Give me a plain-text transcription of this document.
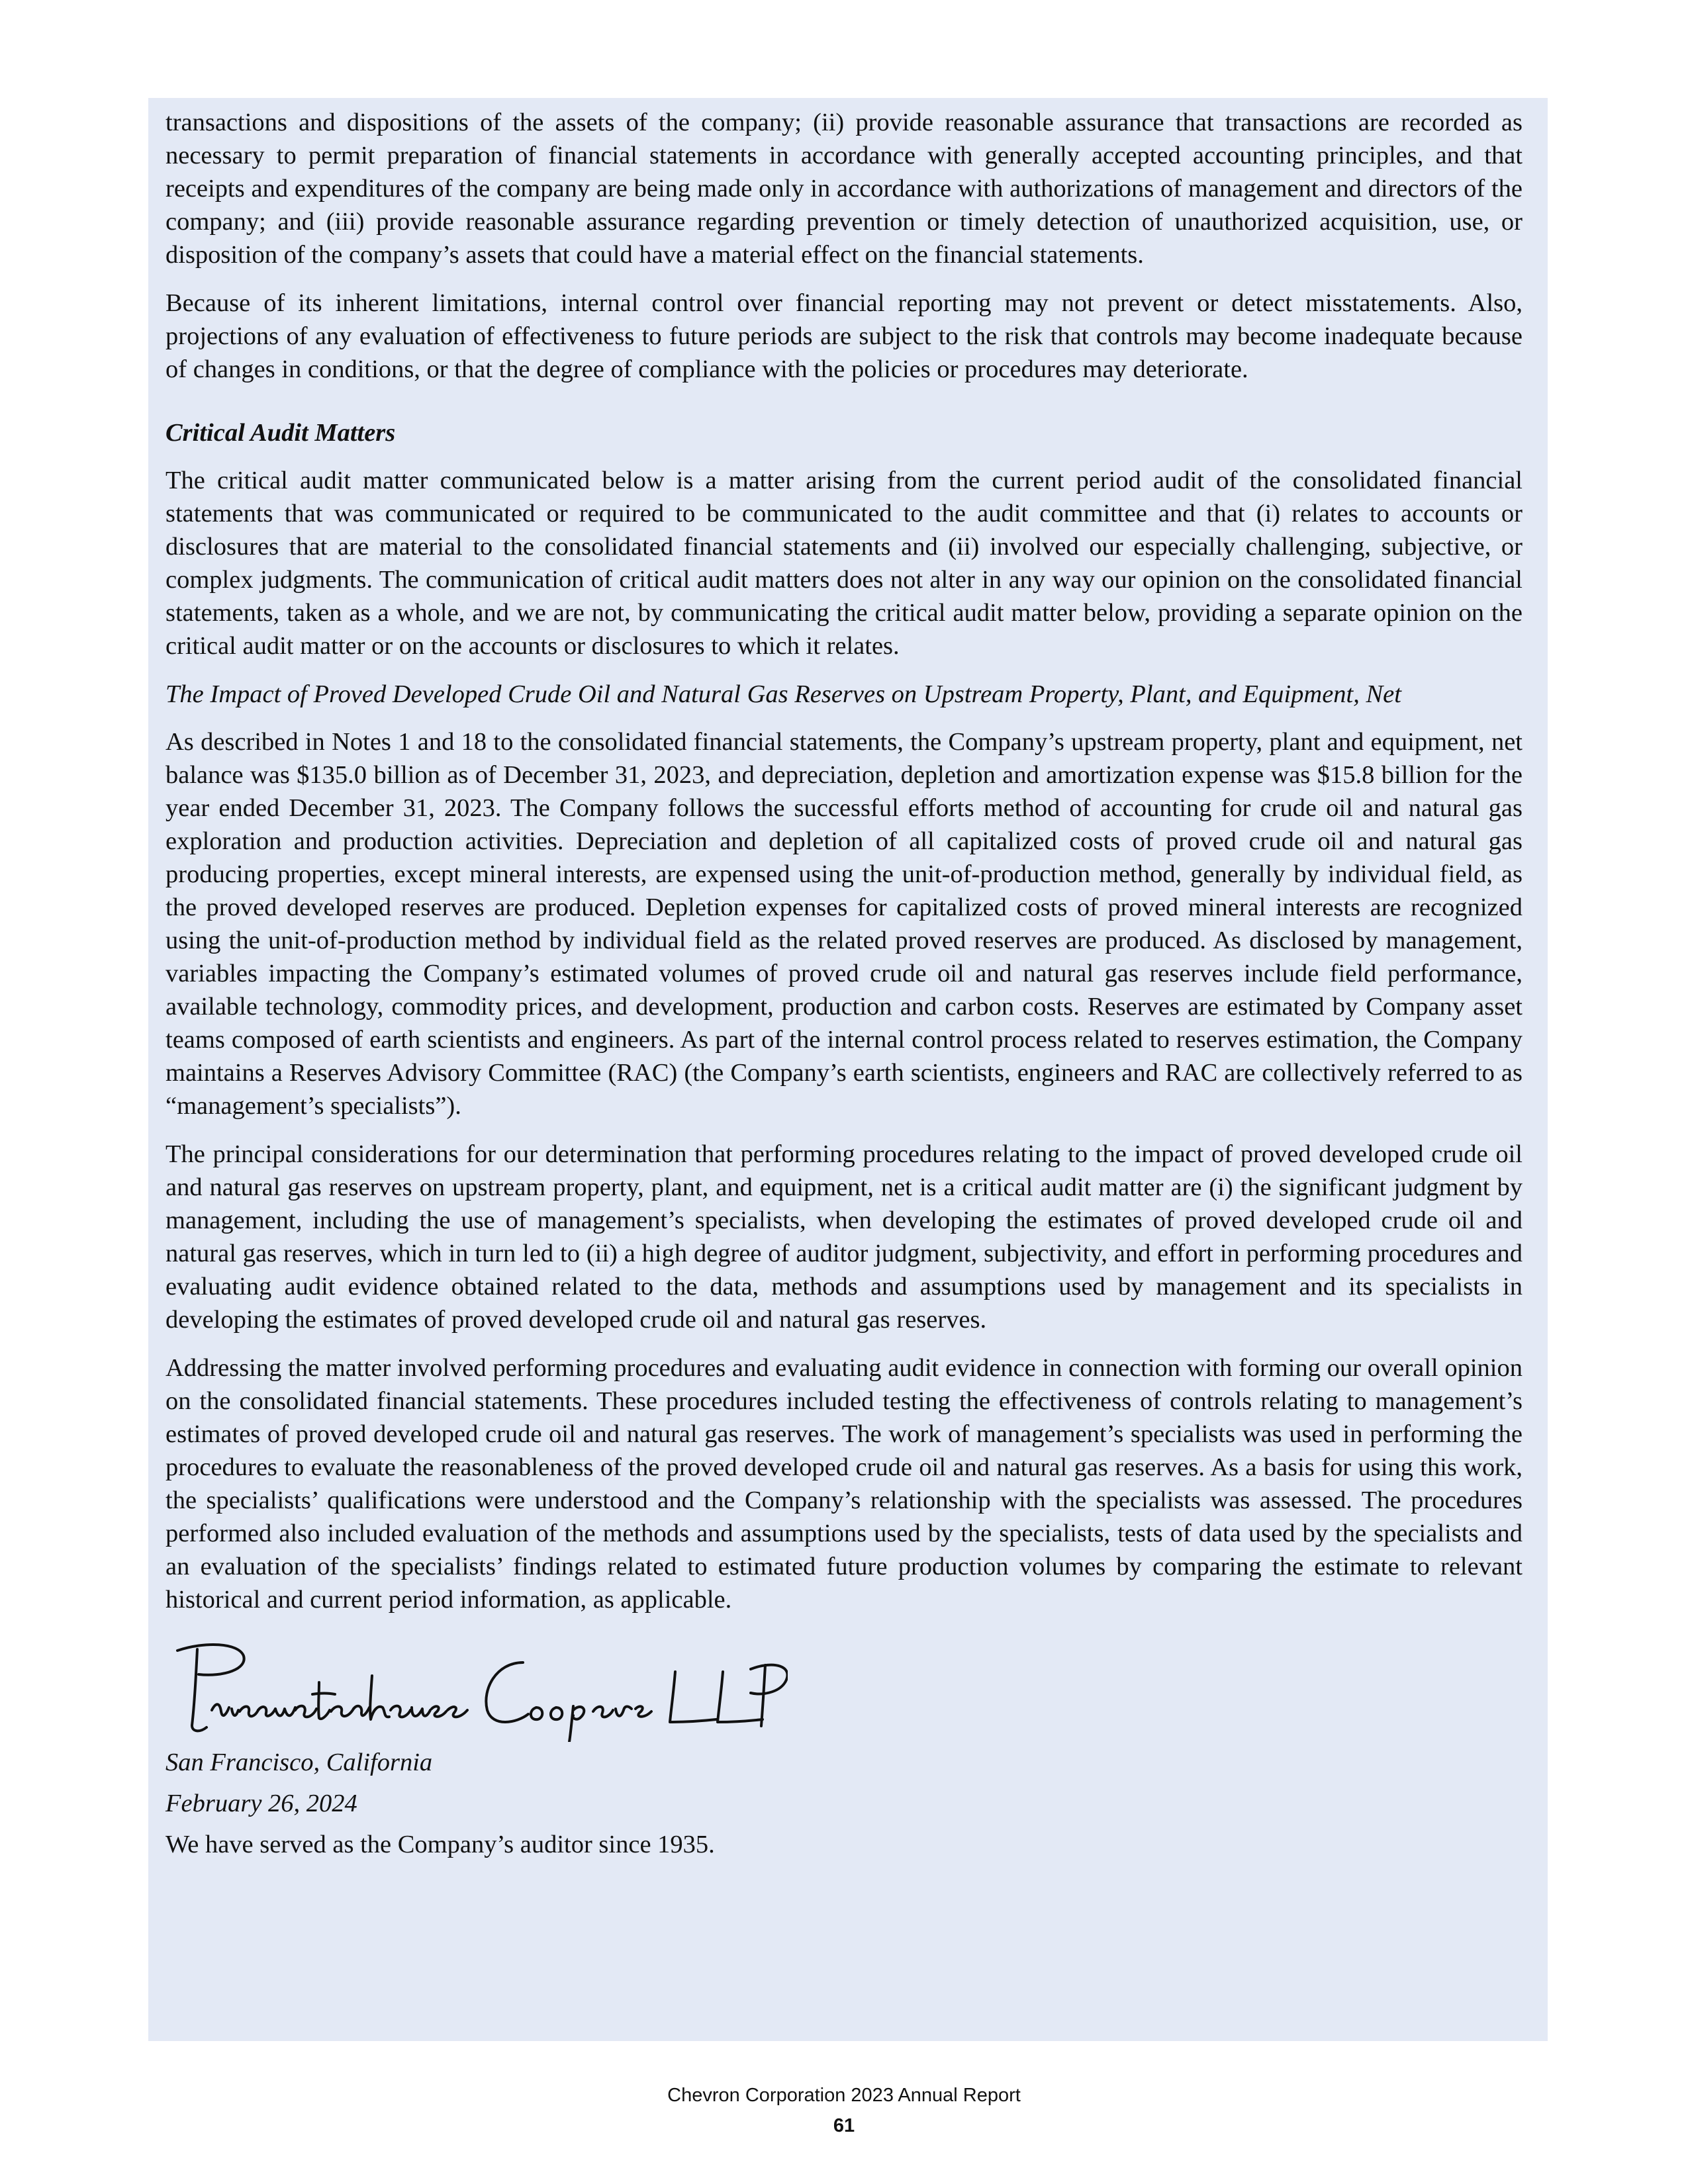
transactions and dispositions of the assets of the company; (ii) provide reasonable assurance that transactions are recorded as necessary to permit preparation of financial statements in accordance with generally accepted accounting principles, and that receipts and expenditures of the company are being made only in accordance with authorizations of management and directors of the company; and (iii) provide reasonable assurance regarding prevention or timely detection of unauthorized acquisition, use, or disposition of the company’s assets that could have a material effect on the financial statements.

Because of its inherent limitations, internal control over financial reporting may not prevent or detect misstatements. Also, projections of any evaluation of effectiveness to future periods are subject to the risk that controls may become inadequate because of changes in conditions, or that the degree of compliance with the policies or procedures may deteriorate.

Critical Audit Matters

The critical audit matter communicated below is a matter arising from the current period audit of the consolidated financial statements that was communicated or required to be communicated to the audit committee and that (i) relates to accounts or disclosures that are material to the consolidated financial statements and (ii) involved our especially challenging, subjective, or complex judgments. The communication of critical audit matters does not alter in any way our opinion on the consolidated financial statements, taken as a whole, and we are not, by communicating the critical audit matter below, providing a separate opinion on the critical audit matter or on the accounts or disclosures to which it relates.

The Impact of Proved Developed Crude Oil and Natural Gas Reserves on Upstream Property, Plant, and Equipment, Net

As described in Notes 1 and 18 to the consolidated financial statements, the Company’s upstream property, plant and equipment, net balance was $135.0 billion as of December 31, 2023, and depreciation, depletion and amortization expense was $15.8 billion for the year ended December 31, 2023. The Company follows the successful efforts method of accounting for crude oil and natural gas exploration and production activities. Depreciation and depletion of all capitalized costs of proved crude oil and natural gas producing properties, except mineral interests, are expensed using the unit-of-production method, generally by individual field, as the proved developed reserves are produced. Depletion expenses for capitalized costs of proved mineral interests are recognized using the unit-of-production method by individual field as the related proved reserves are produced. As disclosed by management, variables impacting the Company’s estimated volumes of proved crude oil and natural gas reserves include field performance, available technology, commodity prices, and development, production and carbon costs. Reserves are estimated by Company asset teams composed of earth scientists and engineers. As part of the internal control process related to reserves estimation, the Company maintains a Reserves Advisory Committee (RAC) (the Company’s earth scientists, engineers and RAC are collectively referred to as “management’s specialists”).

The principal considerations for our determination that performing procedures relating to the impact of proved developed crude oil and natural gas reserves on upstream property, plant, and equipment, net is a critical audit matter are (i) the significant judgment by management, including the use of management’s specialists, when developing the estimates of proved developed crude oil and natural gas reserves, which in turn led to (ii) a high degree of auditor judgment, subjectivity, and effort in performing procedures and evaluating audit evidence obtained related to the data, methods and assumptions used by management and its specialists in developing the estimates of proved developed crude oil and natural gas reserves.

Addressing the matter involved performing procedures and evaluating audit evidence in connection with forming our overall opinion on the consolidated financial statements. These procedures included testing the effectiveness of controls relating to management’s estimates of proved developed crude oil and natural gas reserves. The work of management’s specialists was used in performing the procedures to evaluate the reasonableness of the proved developed crude oil and natural gas reserves. As a basis for using this work, the specialists’ qualifications were understood and the Company’s relationship with the specialists was assessed. The procedures performed also included evaluation of the methods and assumptions used by the specialists, tests of data used by the specialists and an evaluation of the specialists’ findings related to estimated future production volumes by comparing the estimate to relevant historical and current period information, as applicable.

San Francisco, California
February 26, 2024
We have served as the Company’s auditor since 1935.
Chevron Corporation 2023 Annual Report
61
